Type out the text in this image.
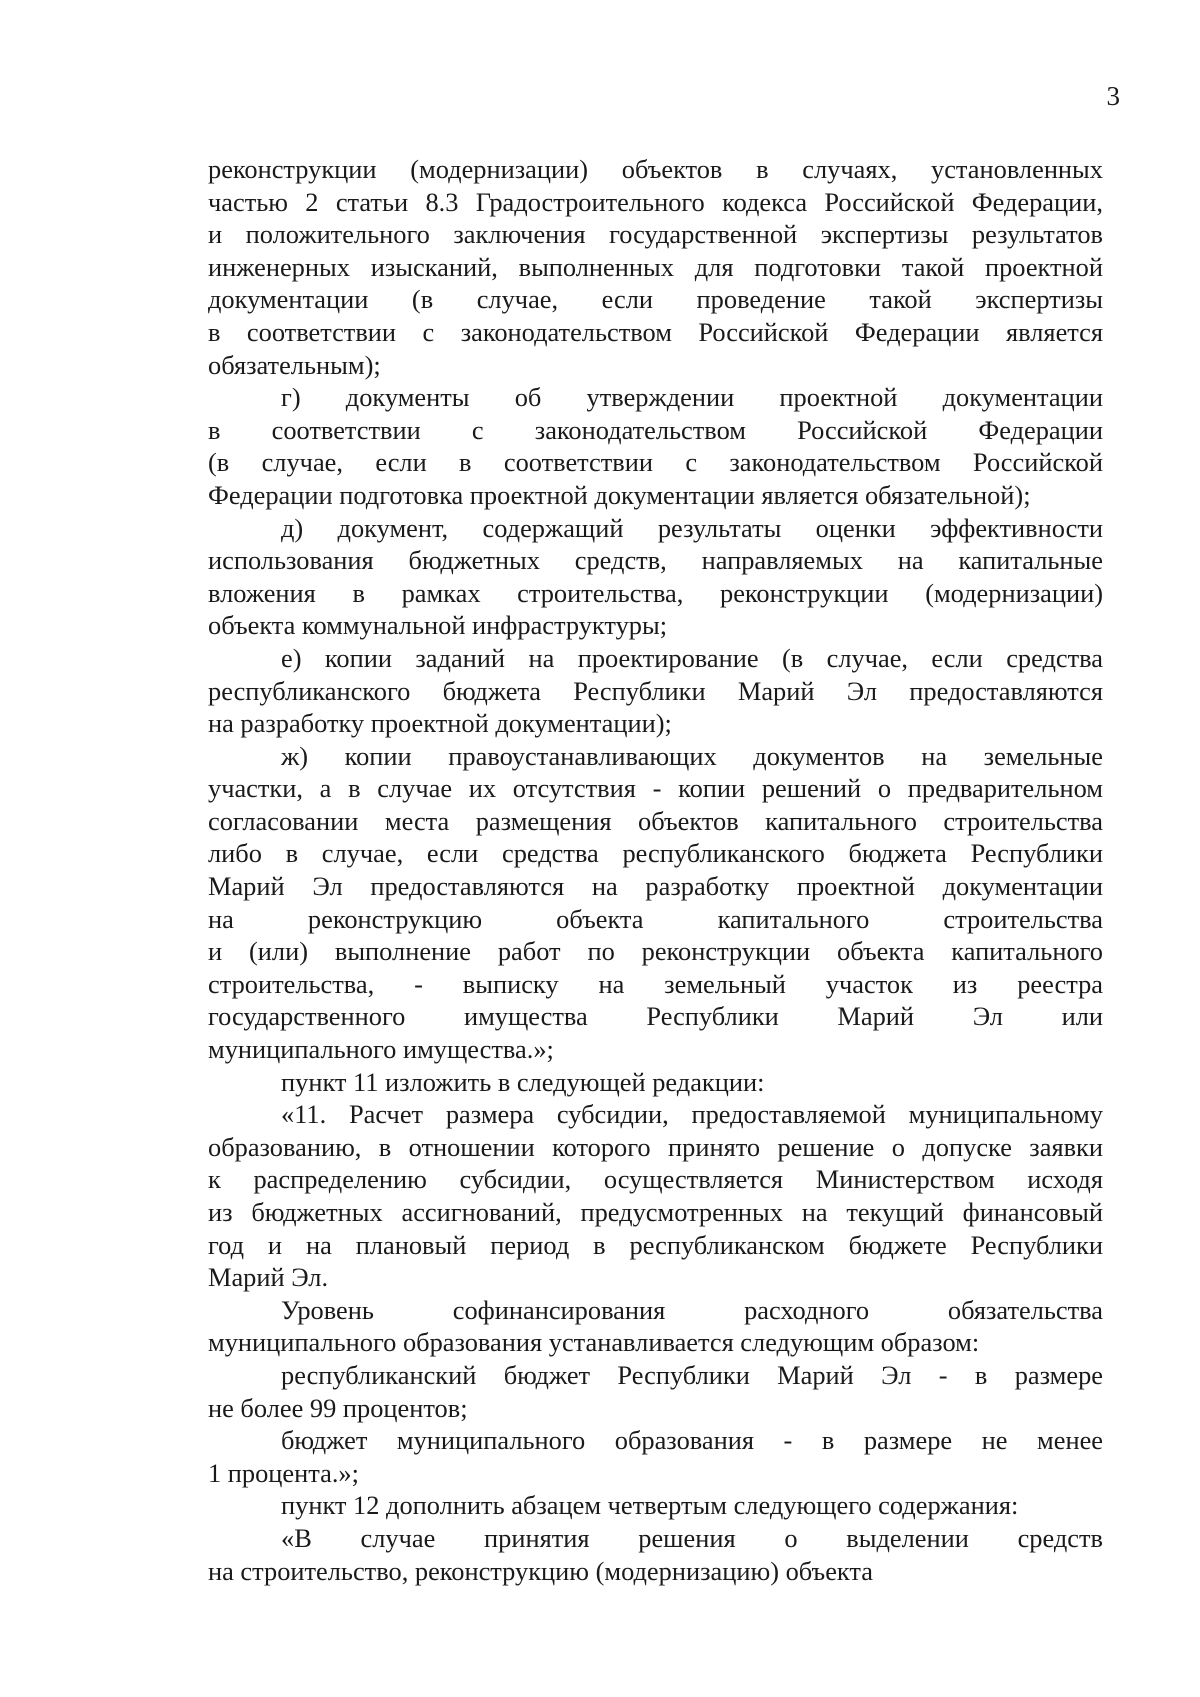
3
реконструкции (модернизации) объектов в случаях, установленных
частью 2 статьи 8.3 Градостроительного кодекса Российской Федерации,
и положительного заключения государственной экспертизы результатов
инженерных изысканий, выполненных для подготовки такой проектной
документации (в случае, если проведение такой экспертизы
в соответствии с законодательством Российской Федерации является
обязательным);
г) документы об утверждении проектной документации
в соответствии с законодательством Российской Федерации
(в случае, если в соответствии с законодательством Российской
Федерации подготовка проектной документации является обязательной);
д) документ, содержащий результаты оценки эффективности
использования бюджетных средств, направляемых на капитальные
вложения в рамках строительства, реконструкции (модернизации)
объекта коммунальной инфраструктуры;
е) копии заданий на проектирование (в случае, если средства
республиканского бюджета Республики Марий Эл предоставляются
на разработку проектной документации);
ж) копии правоустанавливающих документов на земельные
участки, а в случае их отсутствия - копии решений о предварительном
согласовании места размещения объектов капитального строительства
либо в случае, если средства республиканского бюджета Республики
Марий Эл предоставляются на разработку проектной документации
на реконструкцию объекта капитального строительства
и (или) выполнение работ по реконструкции объекта капитального
строительства, - выписку на земельный участок из реестра
государственного имущества Республики Марий Эл или
муниципального имущества.»;
пункт 11 изложить в следующей редакции:
«11. Расчет размера субсидии, предоставляемой муниципальному
образованию, в отношении которого принято решение о допуске заявки
к распределению субсидии, осуществляется Министерством исходя
из бюджетных ассигнований, предусмотренных на текущий финансовый
год и на плановый период в республиканском бюджете Республики
Марий Эл.
Уровень софинансирования расходного обязательства
муниципального образования устанавливается следующим образом:
республиканский бюджет Республики Марий Эл - в размере
не более 99 процентов;
бюджет муниципального образования - в размере не менее
1 процента.»;
пункт 12 дополнить абзацем четвертым следующего содержания:
«В случае принятия решения о выделении средств
на строительство, реконструкцию (модернизацию) объекта
